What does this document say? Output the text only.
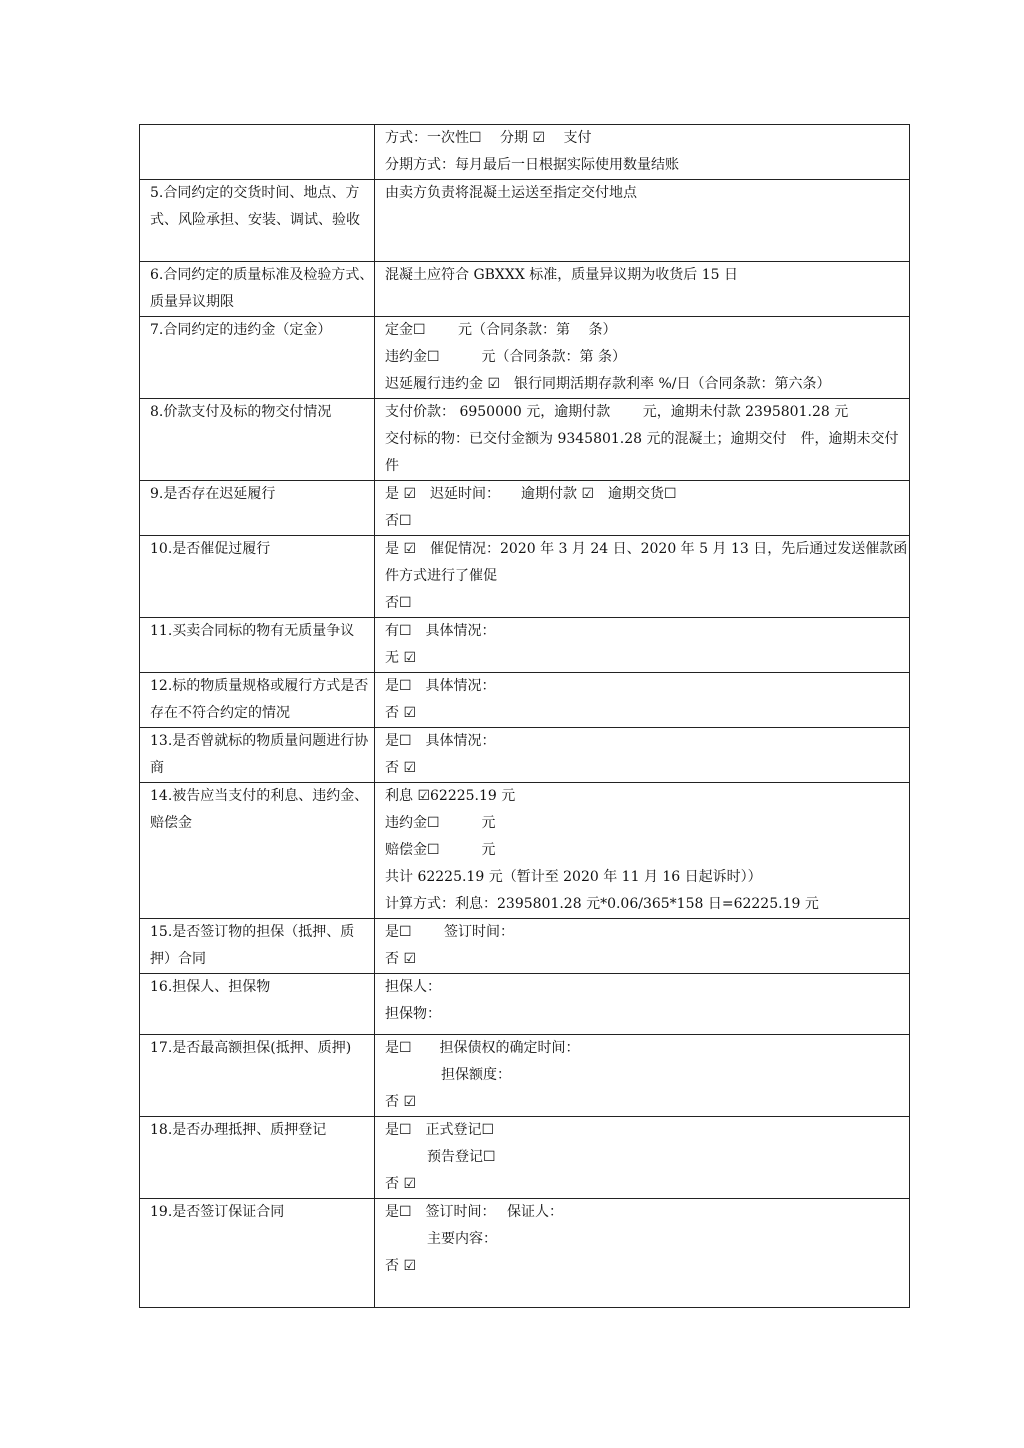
	方式：一次性☐　 分期 ☑　 支付
分期方式：每月最后一日根据实际使用数量结账

5.合同约定的交货时间、地点、方式、风险承担、安装、调试、验收	由卖方负责将混凝土运送至指定交付地点

6.合同约定的质量标准及检验方式、质量异议期限	混凝土应符合 GBXXX 标准，质量异议期为收货后 15 日

7.合同约定的违约金（定金）	定金☐　　 元（合同条款：第　 条）
违约金☐　　　元（合同条款：第 条）
迟延履行违约金 ☑　银行同期活期存款利率 %/日（合同条款：第六条）

8.价款支付及标的物交付情况	支付价款： 6950000 元，逾期付款　　 元，逾期未付款 2395801.28 元
交付标的物：已交付金额为 9345801.28 元的混凝土；逾期交付　件，逾期未交付　件

9.是否存在迟延履行	是 ☑　迟延时间：　　逾期付款 ☑　逾期交货☐
否☐

10.是否催促过履行	是 ☑　催促情况：2020 年 3 月 24 日、2020 年 5 月 13 日，先后通过发送催款函件方式进行了催促
否☐

11.买卖合同标的物有无质量争议	有☐　具体情况：
无 ☑

12.标的物质量规格或履行方式是否存在不符合约定的情况	是☐　具体情况：
否 ☑

13.是否曾就标的物质量问题进行协商	是☐　具体情况：
否 ☑

14.被告应当支付的利息、违约金、赔偿金	利息 ☑62225.19 元
违约金☐　　　元
赔偿金☐　　　元
共计 62225.19 元（暂计至 2020 年 11 月 16 日起诉时））
计算方式：利息：2395801.28 元*0.06/365*158 日=62225.19 元

15.是否签订物的担保（抵押、质押）合同	是☐　　 签订时间：
否 ☑

16.担保人、担保物	担保人：
担保物：

17.是否最高额担保(抵押、质押)	是☐　　担保债权的确定时间：
　　　　担保额度：
否 ☑

18.是否办理抵押、质押登记	是☐　正式登记☐
　　　预告登记☐
否 ☑

19.是否签订保证合同	是☐　签订时间：　 保证人：
　　　主要内容：
否 ☑
